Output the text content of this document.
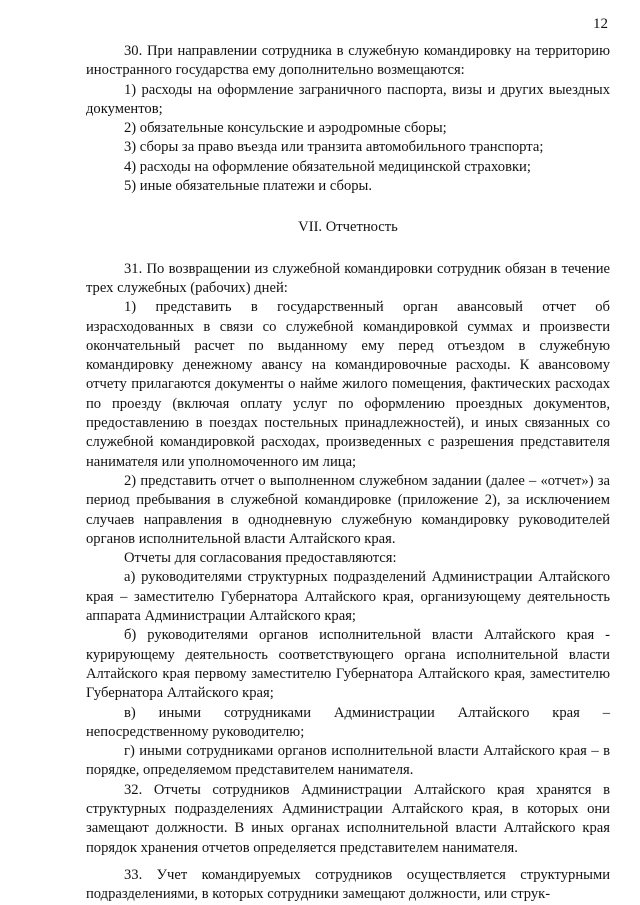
12

30. При направлении сотрудника в служебную командировку на территорию иностранного государства ему дополнительно возмещаются:

1) расходы на оформление заграничного паспорта, визы и других выездных документов;

2) обязательные консульские и аэродромные сборы;

3) сборы за право въезда или транзита автомобильного транспорта;

4) расходы на оформление обязательной медицинской страховки;

5) иные обязательные платежи и сборы.

VII. Отчетность

31. По возвращении из служебной командировки сотрудник обязан в течение трех служебных (рабочих) дней:

1) представить в государственный орган авансовый отчет об израсходованных в связи со служебной командировкой суммах и произвести окончательный расчет по выданному ему перед отъездом в служебную командировку денежному авансу на командировочные расходы. К авансовому отчету прилагаются документы о найме жилого помещения, фактических расходах по проезду (включая оплату услуг по оформлению проездных документов, предоставлению в поездах постельных принадлежностей), и иных связанных со служебной командировкой расходах, произведенных с разрешения представителя нанимателя или уполномоченного им лица;

2) представить отчет о выполненном служебном задании (далее – «отчет») за период пребывания в служебной командировке (приложение 2), за исключением случаев направления в однодневную служебную командировку руководителей органов исполнительной власти Алтайского края.

Отчеты для согласования предоставляются:

а) руководителями структурных подразделений Администрации Алтайского края – заместителю Губернатора Алтайского края, организующему деятельность аппарата Администрации Алтайского края;

б) руководителями органов исполнительной власти Алтайского края - курирующему деятельность соответствующего органа исполнительной власти Алтайского края первому заместителю Губернатора Алтайского края, заместителю Губернатора Алтайского края;

в) иными сотрудниками Администрации Алтайского края – непосредственному руководителю;

г) иными сотрудниками органов исполнительной власти Алтайского края – в порядке, определяемом представителем нанимателя.

32. Отчеты сотрудников Администрации Алтайского края хранятся в структурных подразделениях Администрации Алтайского края, в которых они замещают должности. В иных органах исполнительной власти Алтайского края порядок хранения отчетов определяется представителем нанимателя.

33. Учет командируемых сотрудников осуществляется структурными подразделениями, в которых сотрудники замещают должности, или струк-
